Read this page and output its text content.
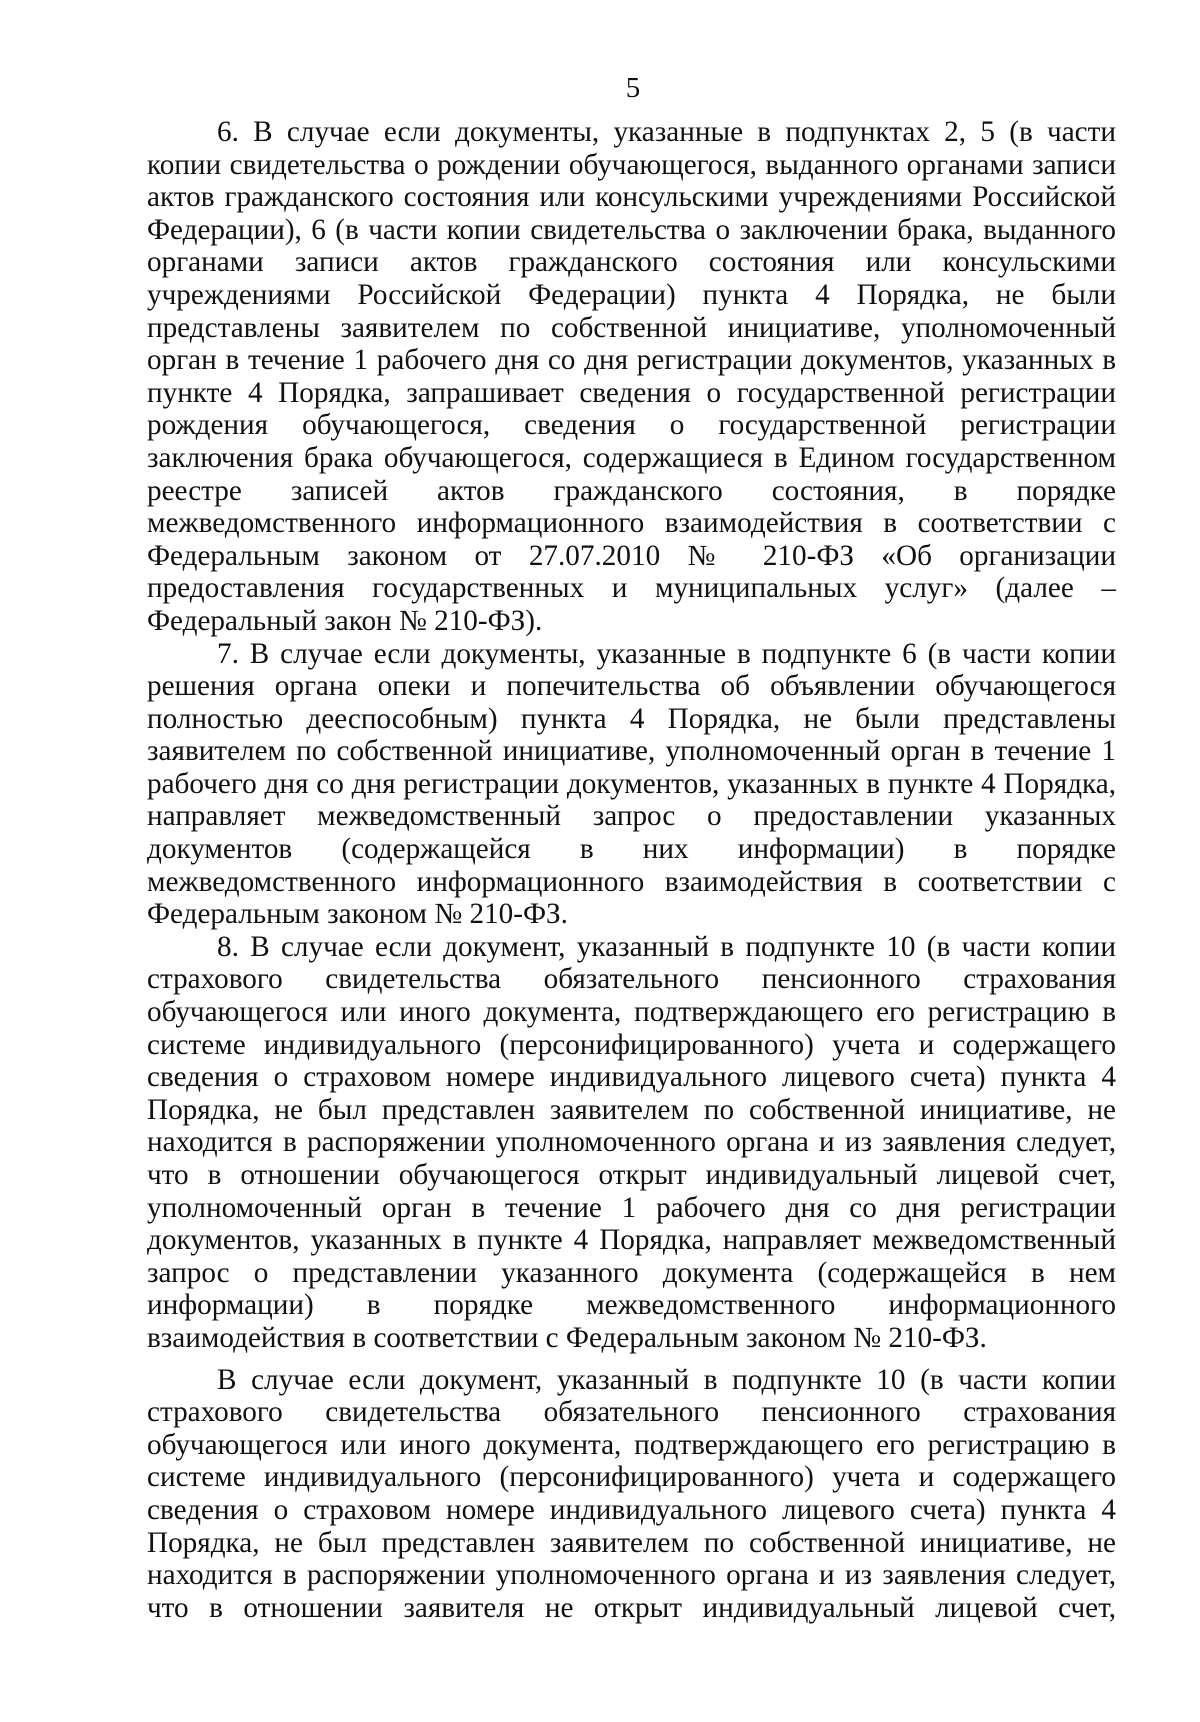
5

6. В случае если документы, указанные в подпунктах 2, 5 (в части копии свидетельства о рождении обучающегося, выданного органами записи актов гражданского состояния или консульскими учреждениями Российской Федерации), 6 (в части копии свидетельства о заключении брака, выданного органами записи актов гражданского состояния или консульскими учреждениями Российской Федерации) пункта 4 Порядка, не были представлены заявителем по собственной инициативе, уполномоченный орган в течение 1 рабочего дня со дня регистрации документов, указанных в пункте 4 Порядка, запрашивает сведения о государственной регистрации рождения обучающегося, сведения о государственной регистрации заключения брака обучающегося, содержащиеся в Едином государственном реестре записей актов гражданского состояния, в порядке межведомственного информационного взаимодействия в соответствии с Федеральным законом от 27.07.2010 № 210-ФЗ «Об организации предоставления государственных и муниципальных услуг» (далее – Федеральный закон № 210-ФЗ).

7. В случае если документы, указанные в подпункте 6 (в части копии решения органа опеки и попечительства об объявлении обучающегося полностью дееспособным) пункта 4 Порядка, не были представлены заявителем по собственной инициативе, уполномоченный орган в течение 1 рабочего дня со дня регистрации документов, указанных в пункте 4 Порядка, направляет межведомственный запрос о предоставлении указанных документов (содержащейся в них информации) в порядке межведомственного информационного взаимодействия в соответствии с Федеральным законом № 210-ФЗ.

8. В случае если документ, указанный в подпункте 10 (в части копии страхового свидетельства обязательного пенсионного страхования обучающегося или иного документа, подтверждающего его регистрацию в системе индивидуального (персонифицированного) учета и содержащего сведения о страховом номере индивидуального лицевого счета) пункта 4 Порядка, не был представлен заявителем по собственной инициативе, не находится в распоряжении уполномоченного органа и из заявления следует, что в отношении обучающегося открыт индивидуальный лицевой счет, уполномоченный орган в течение 1 рабочего дня со дня регистрации документов, указанных в пункте 4 Порядка, направляет межведомственный запрос о представлении указанного документа (содержащейся в нем информации) в порядке межведомственного информационного взаимодействия в соответствии с Федеральным законом № 210-ФЗ.

В случае если документ, указанный в подпункте 10 (в части копии страхового свидетельства обязательного пенсионного страхования обучающегося или иного документа, подтверждающего его регистрацию в системе индивидуального (персонифицированного) учета и содержащего сведения о страховом номере индивидуального лицевого счета) пункта 4 Порядка, не был представлен заявителем по собственной инициативе, не находится в распоряжении уполномоченного органа и из заявления следует, что в отношении заявителя не открыт индивидуальный лицевой счет,
